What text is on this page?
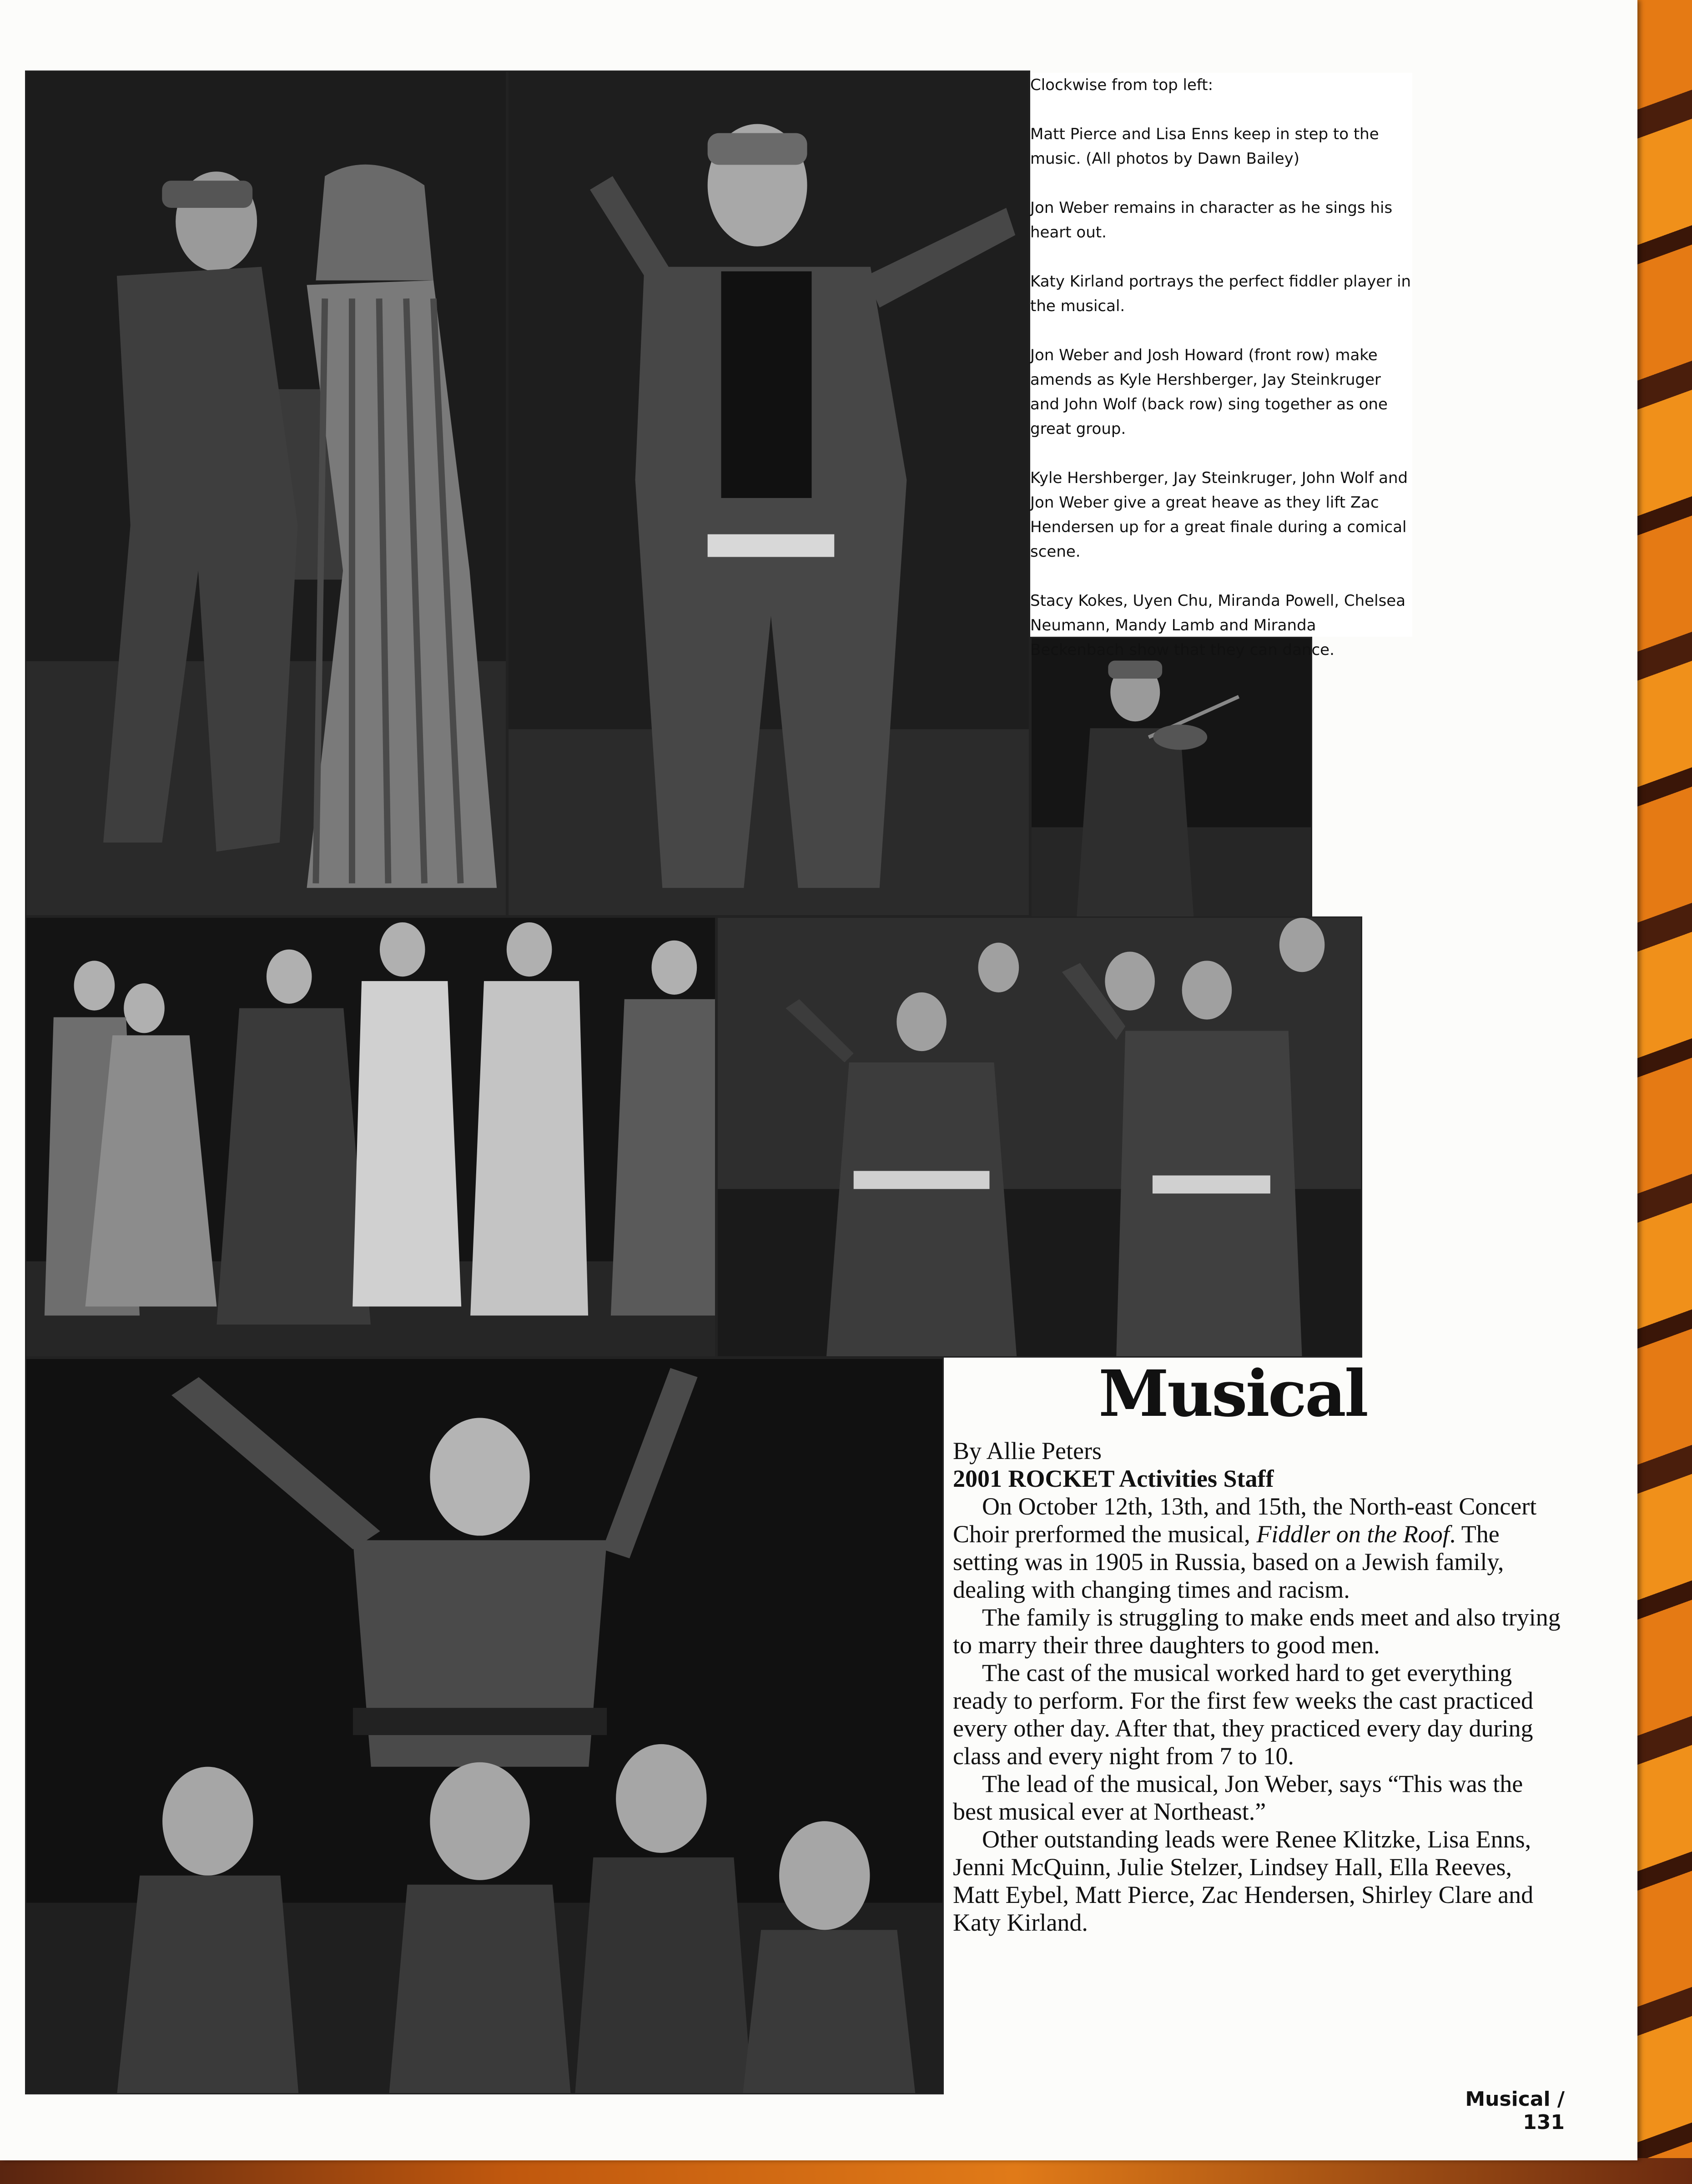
Clockwise from top left:

Matt Pierce and Lisa Enns keep in step to the music. (All photos by Dawn Bailey)

Jon Weber remains in character as he sings his heart out.

Katy Kirland portrays the perfect fiddler player in the musical.

Jon Weber and Josh Howard (front row) make amends as Kyle Hershberger, Jay Steinkruger and John Wolf (back row) sing together as one great group.

Kyle Hershberger, Jay Steinkruger, John Wolf and Jon Weber give a great heave as they lift Zac Hendersen up for a great finale during a comical scene.

Stacy Kokes, Uyen Chu, Miranda Powell, Chelsea Neumann, Mandy Lamb and Miranda Beckenbach show that they can dance.

Musical

By Allie Peters

2001 ROCKET Activities Staff

On October 12th, 13th, and 15th, the North-east Concert Choir prerformed the musical, Fiddler on the Roof. The setting was in 1905 in Russia, based on a Jewish family, dealing with changing times and racism.

The family is struggling to make ends meet and also trying to marry their three daughters to good men.

The cast of the musical worked hard to get everything ready to perform. For the first few weeks the cast practiced every other day. After that, they practiced every day during class and every night from 7 to 10.

The lead of the musical, Jon Weber, says “This was the best musical ever at Northeast.”

Other outstanding leads were Renee Klitzke, Lisa Enns, Jenni McQuinn, Julie Stelzer, Lindsey Hall, Ella Reeves, Matt Eybel, Matt Pierce, Zac Hendersen, Shirley Clare and Katy Kirland.

Musical / 131
